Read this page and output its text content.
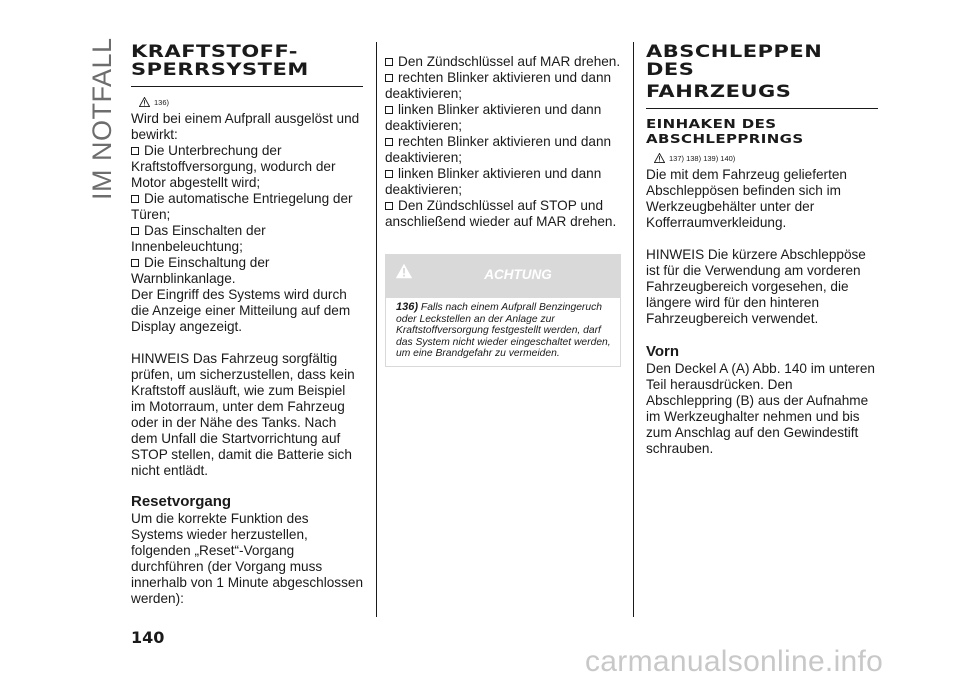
IM NOTFALL KRAFTSTOFF-
SPERRSYSTEM
136)
Wird bei einem Aufprall ausgelöst und bewirkt:
Die Unterbrechung der Kraftstoffversorgung, wodurch der Motor abgestellt wird;
Die automatische Entriegelung der Türen;
Das Einschalten der Innenbeleuchtung;
Die Einschaltung der Warnblinkanlage.
Der Eingriff des Systems wird durch die Anzeige einer Mitteilung auf dem Display angezeigt.
HINWEIS Das Fahrzeug sorgfältig prüfen, um sicherzustellen, dass kein Kraftstoff ausläuft, wie zum Beispiel im Motorraum, unter dem Fahrzeug oder in der Nähe des Tanks. Nach dem Unfall die Startvorrichtung auf STOP stellen, damit die Batterie sich nicht entlädt.
Resetvorgang
Um die korrekte Funktion des Systems wieder herzustellen, folgenden „Reset“-Vorgang durchführen (der Vorgang muss innerhalb von 1 Minute abgeschlossen werden):
Den Zündschlüssel auf MAR drehen.
rechten Blinker aktivieren und dann deaktivieren;
linken Blinker aktivieren und dann deaktivieren;
rechten Blinker aktivieren und dann deaktivieren;
linken Blinker aktivieren und dann deaktivieren;
Den Zündschlüssel auf STOP und anschließend wieder auf MAR drehen.
ACHTUNG
136) Falls nach einem Aufprall Benzingeruch oder Leckstellen an der Anlage zur Kraftstoffversorgung festgestellt werden, darf das System nicht wieder eingeschaltet werden, um eine Brandgefahr zu vermeiden.
ABSCHLEPPEN DES
FAHRZEUGS
EINHAKEN DES
ABSCHLEPPRINGS
137) 138) 139) 140)
Die mit dem Fahrzeug gelieferten Abschleppösen befinden sich im Werkzeugbehälter unter der Kofferraumverkleidung.
HINWEIS Die kürzere Abschleppöse ist für die Verwendung am vorderen Fahrzeugbereich vorgesehen, die längere wird für den hinteren Fahrzeugbereich verwendet.
Vorn
Den Deckel A (A) Abb. 140 im unteren Teil herausdrücken. Den Abschleppring (B) aus der Aufnahme im Werkzeughalter nehmen und bis zum Anschlag auf den Gewindestift schrauben.
140
carmanualsonline.info
